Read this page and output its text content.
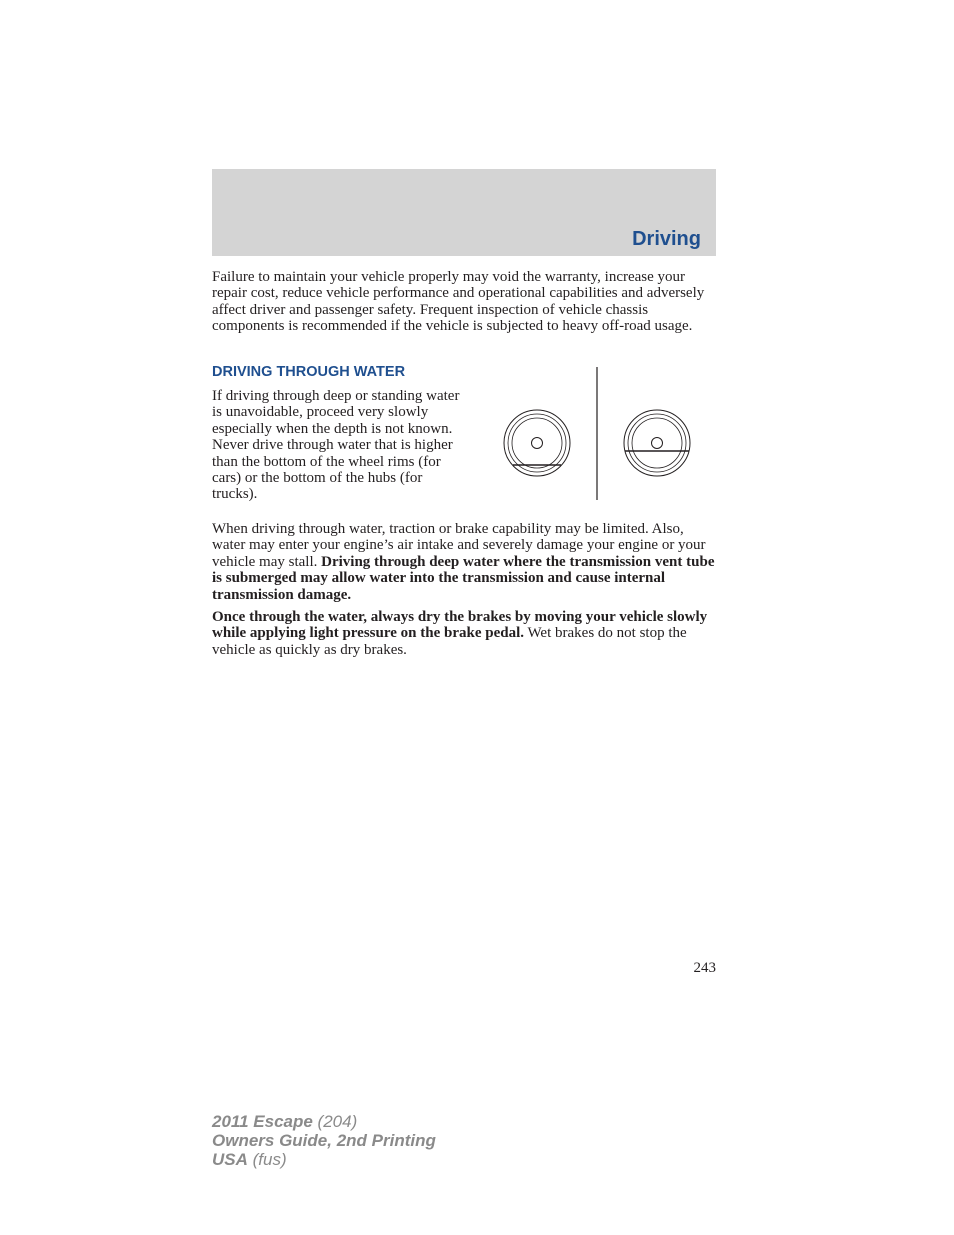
Driving

Failure to maintain your vehicle properly may void the warranty, increase your repair cost, reduce vehicle performance and operational capabilities and adversely affect driver and passenger safety. Frequent inspection of vehicle chassis components is recommended if the vehicle is subjected to heavy off-road usage.

DRIVING THROUGH WATER

If driving through deep or standing water is unavoidable, proceed very slowly especially when the depth is not known. Never drive through water that is higher than the bottom of the wheel rims (for cars) or the bottom of the hubs (for trucks).

When driving through water, traction or brake capability may be limited. Also, water may enter your engine’s air intake and severely damage your engine or your vehicle may stall. Driving through deep water where the transmission vent tube is submerged may allow water into the transmission and cause internal transmission damage.

Once through the water, always dry the brakes by moving your vehicle slowly while applying light pressure on the brake pedal. Wet brakes do not stop the vehicle as quickly as dry brakes.

243
2011 Escape (204)
Owners Guide, 2nd Printing
USA (fus)
